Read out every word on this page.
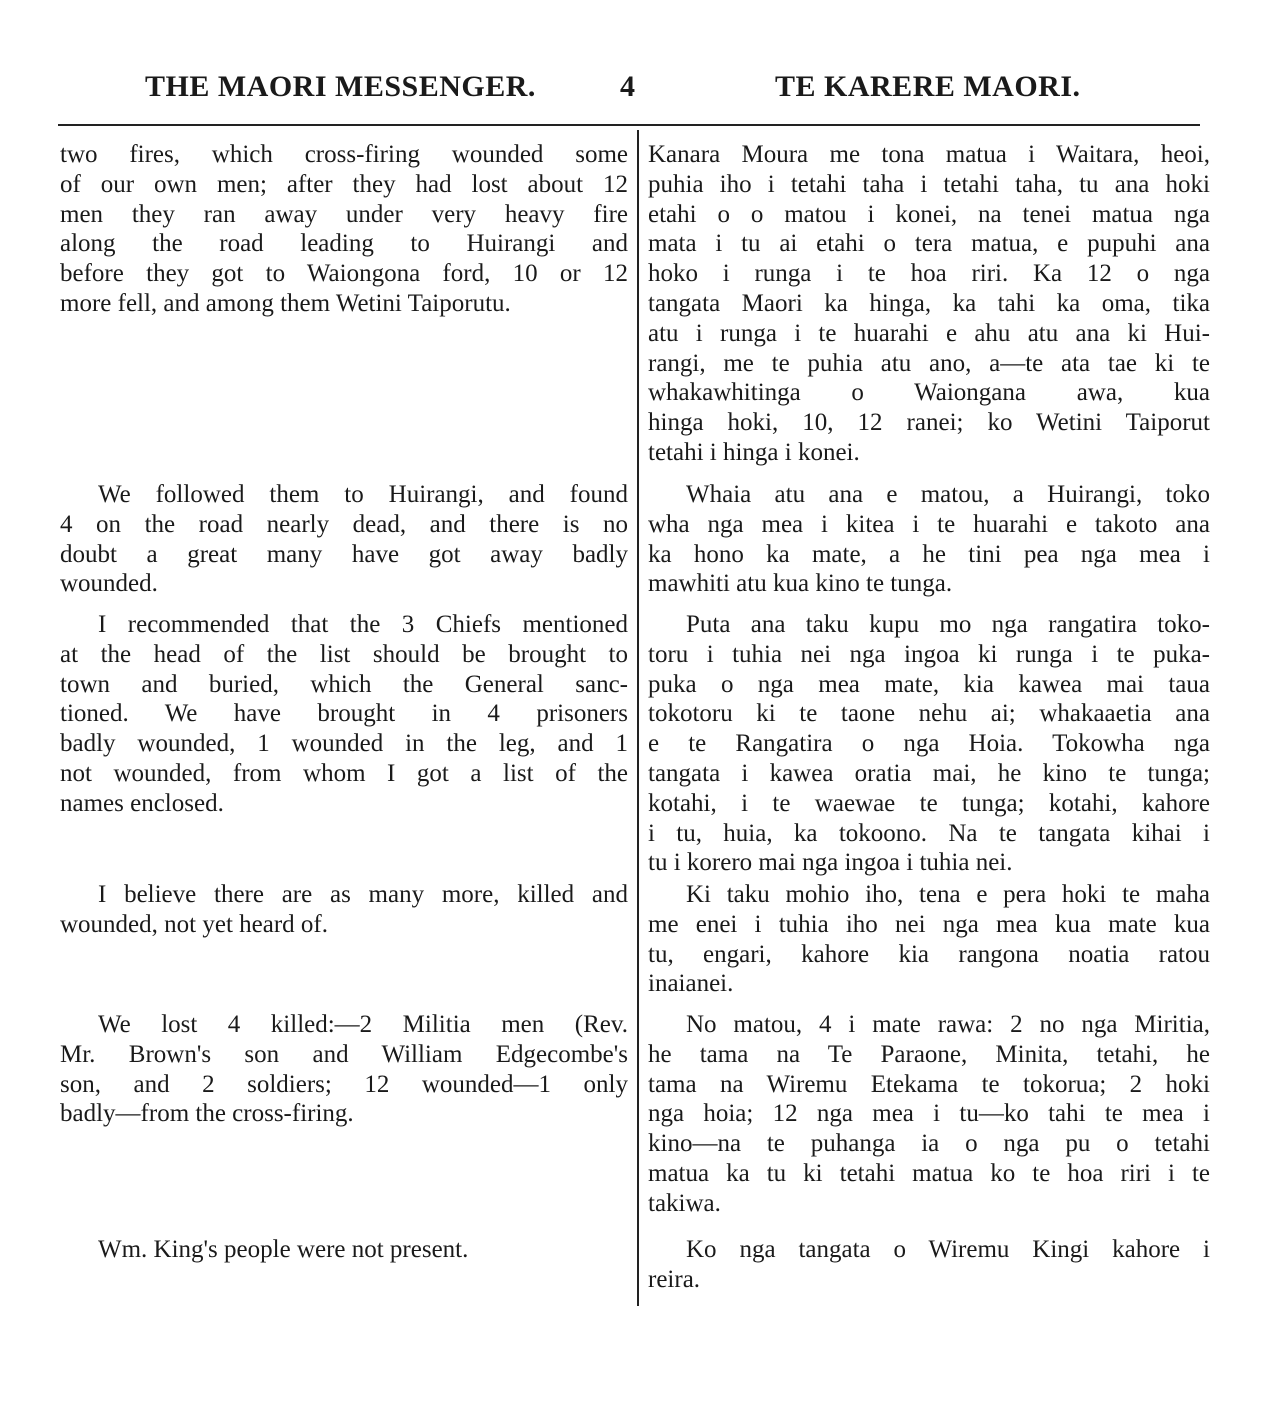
THE MAORI MESSENGER.	4	TE KARERE MAORI.
two fires, which cross-firing wounded some
of our own men; after they had lost about 12
men they ran away under very heavy fire
along the road leading to Huirangi and
before they got to Waiongona ford, 10 or 12
more fell, and among them Wetini Taiporutu.
We followed them to Huirangi, and found
4 on the road nearly dead, and there is no
doubt a great many have got away badly
wounded.
I recommended that the 3 Chiefs mentioned
at the head of the list should be brought to
town and buried, which the General sanc-
tioned. We have brought in 4 prisoners
badly wounded, 1 wounded in the leg, and 1
not wounded, from whom I got a list of the
names enclosed.
I believe there are as many more, killed and
wounded, not yet heard of.
We lost 4 killed:—2 Militia men (Rev.
Mr. Brown's son and William Edgecombe's
son, and 2 soldiers; 12 wounded—1 only
badly—from the cross-firing.
Wm. King's people were not present.
Kanara Moura me tona matua i Waitara, heoi,
puhia iho i tetahi taha i tetahi taha, tu ana hoki
etahi o o matou i konei, na tenei matua nga
mata i tu ai etahi o tera matua, e pupuhi ana
hoko i runga i te hoa riri. Ka 12 o nga
tangata Maori ka hinga, ka tahi ka oma, tika
atu i runga i te huarahi e ahu atu ana ki Hui-
rangi, me te puhia atu ano, a—te ata tae ki te
whakawhitinga o Waiongana awa, kua
hinga hoki, 10, 12 ranei; ko Wetini Taiporut
tetahi i hinga i konei.
Whaia atu ana e matou, a Huirangi, toko
wha nga mea i kitea i te huarahi e takoto ana
ka hono ka mate, a he tini pea nga mea i
mawhiti atu kua kino te tunga.
Puta ana taku kupu mo nga rangatira toko-
toru i tuhia nei nga ingoa ki runga i te puka-
puka o nga mea mate, kia kawea mai taua
tokotoru ki te taone nehu ai; whakaaetia ana
e te Rangatira o nga Hoia. Tokowha nga
tangata i kawea oratia mai, he kino te tunga;
kotahi, i te waewae te tunga; kotahi, kahore
i tu, huia, ka tokoono. Na te tangata kihai i
tu i korero mai nga ingoa i tuhia nei.
Ki taku mohio iho, tena e pera hoki te maha
me enei i tuhia iho nei nga mea kua mate kua
tu, engari, kahore kia rangona noatia ratou
inaianei.
No matou, 4 i mate rawa: 2 no nga Miritia,
he tama na Te Paraone, Minita, tetahi, he
tama na Wiremu Etekama te tokorua; 2 hoki
nga hoia; 12 nga mea i tu—ko tahi te mea i
kino—na te puhanga ia o nga pu o tetahi
matua ka tu ki tetahi matua ko te hoa riri i te
takiwa.
Ko nga tangata o Wiremu Kingi kahore i
reira.
